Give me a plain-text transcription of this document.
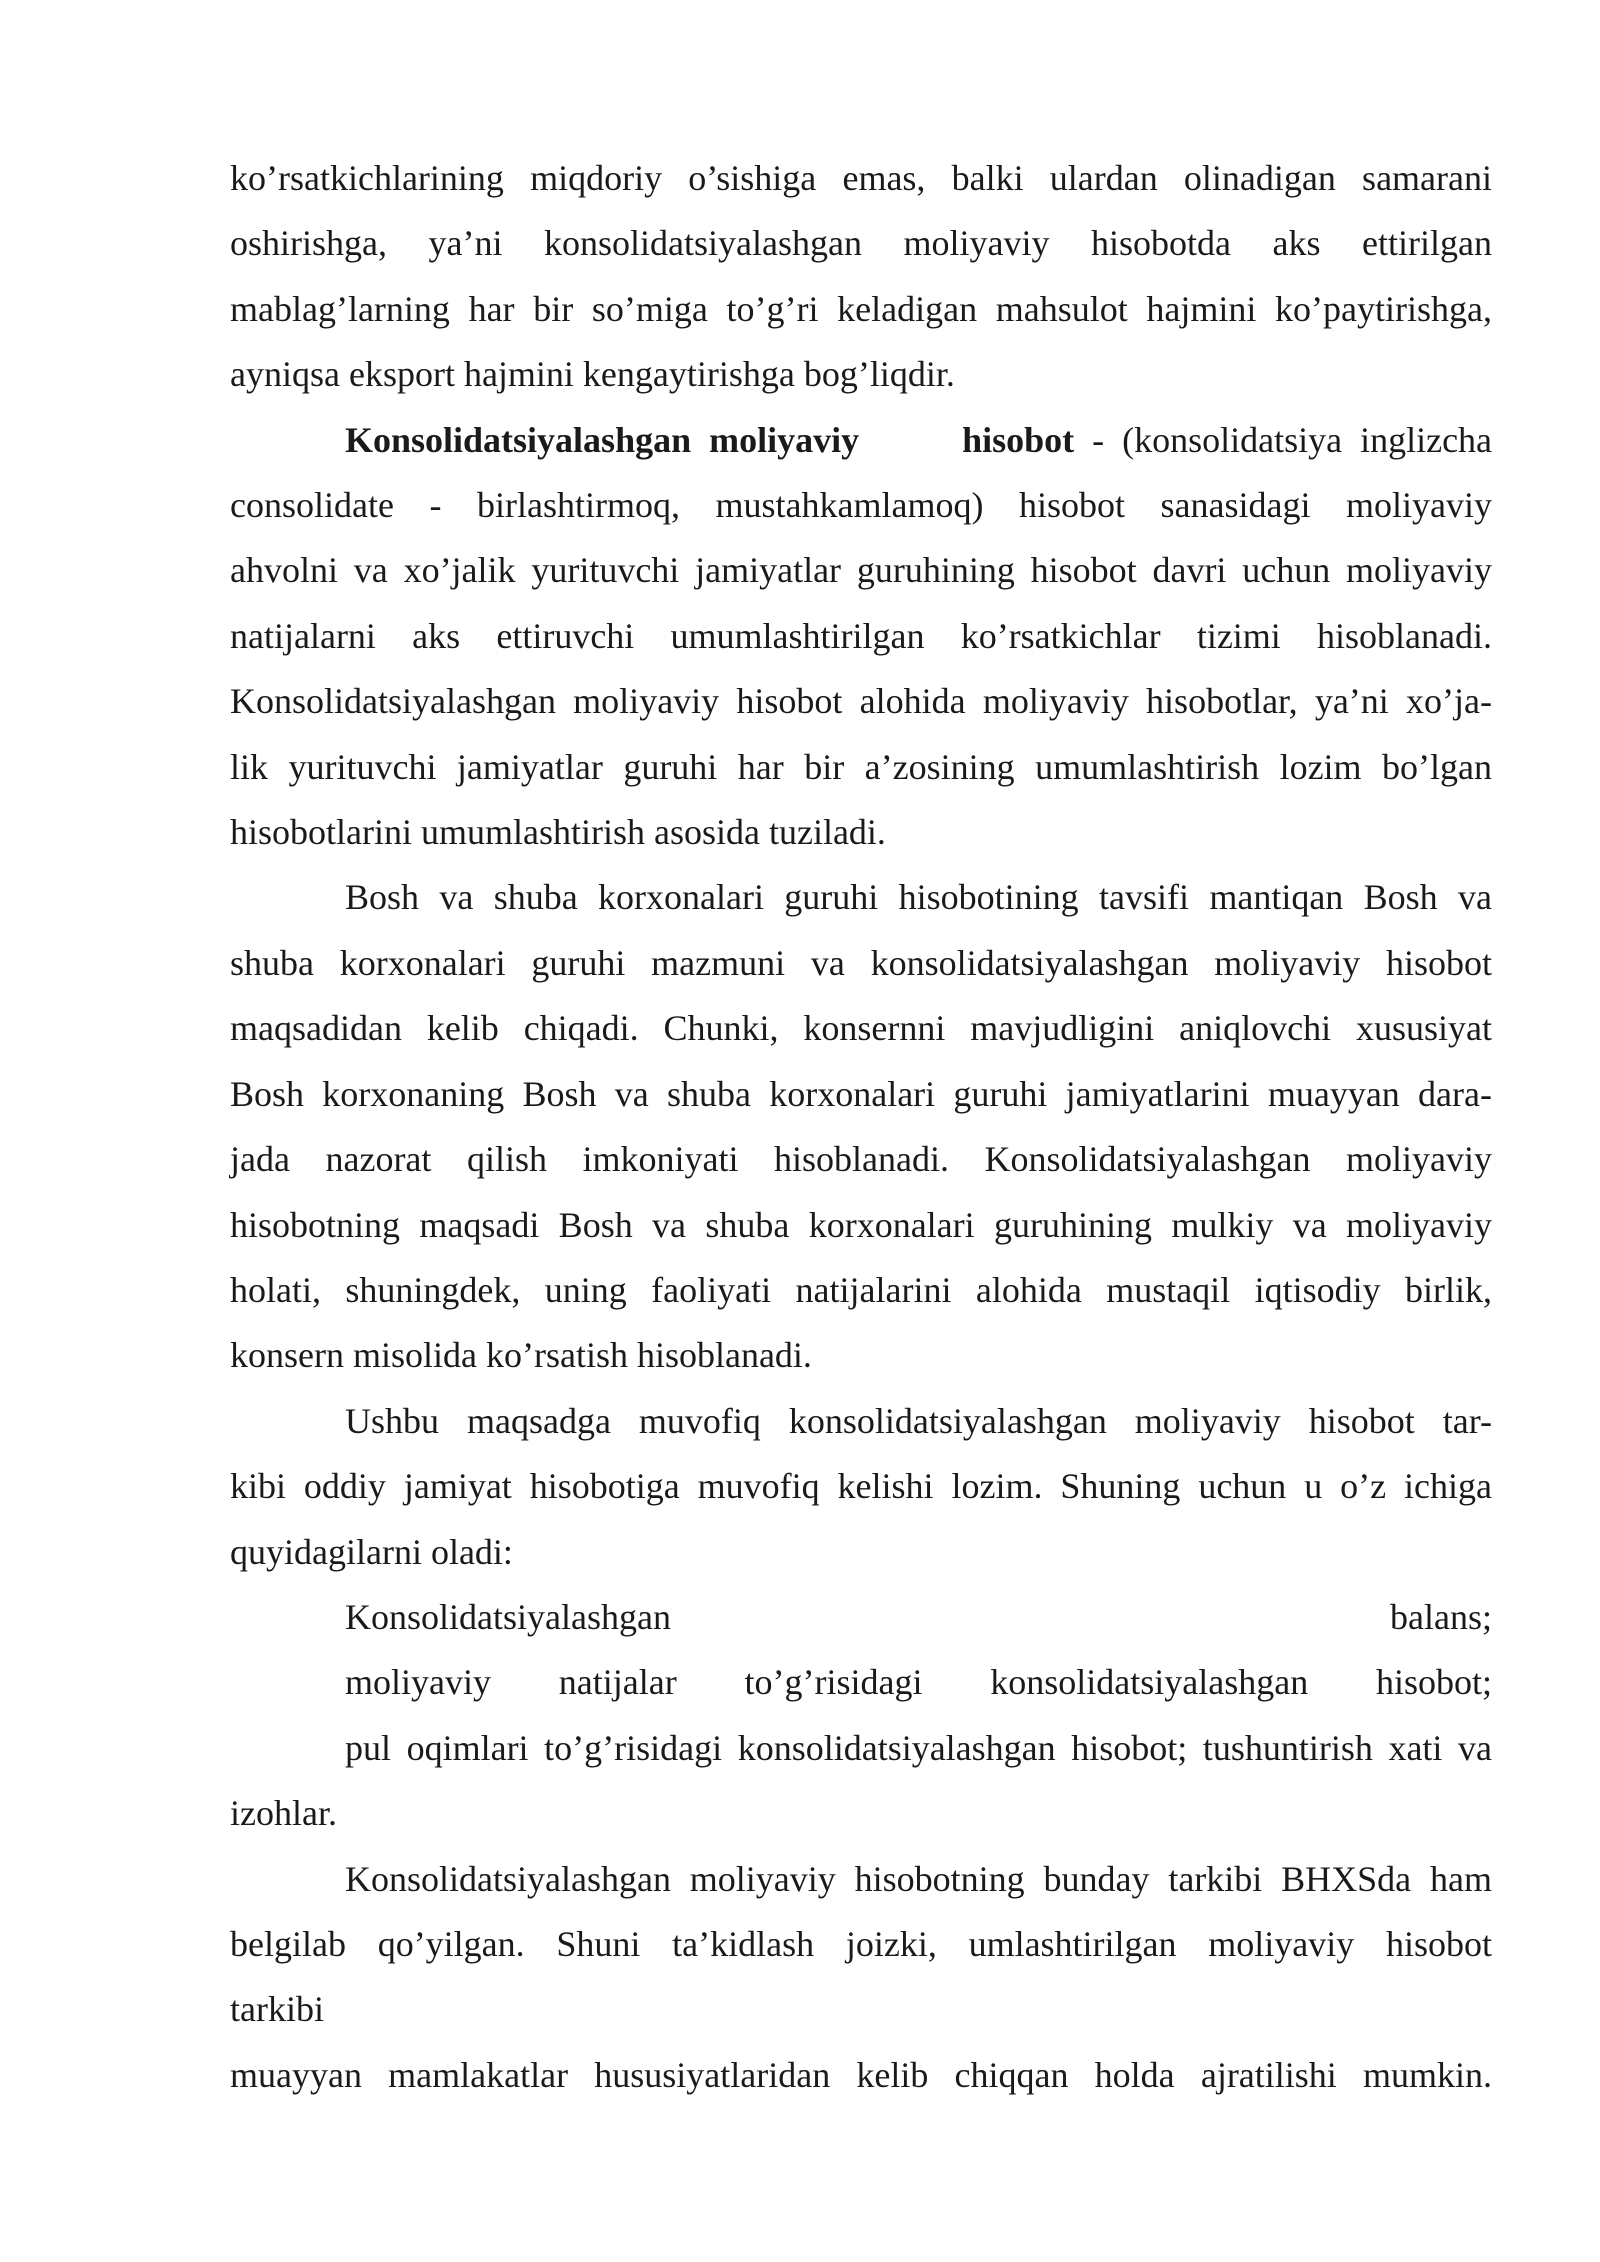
ko’rsatkichlarining miqdoriy o’sishiga emas, balki ulardan olinadigan samarani

oshirishga, ya’ni konsolidatsiyalashgan moliyaviy hisobotda aks ettirilgan

mablag’larning har bir so’miga to’g’ri keladigan mahsulot hajmini ko’paytirishga,

ayniqsa eksport hajmini kengaytirishga bog’liqdir.

Konsolidatsiyalashgan moliyaviy	hisobot - (konsolidatsiya inglizcha

consolidate - birlashtirmoq, mustahkamlamoq) hisobot sanasidagi moliyaviy

ahvolni va xo’jalik yurituvchi jamiyatlar guruhining hisobot davri uchun moliyaviy

natijalarni aks ettiruvchi umumlashtirilgan ko’rsatkichlar tizimi hisoblanadi.

Konsolidatsiyalashgan moliyaviy hisobot alohida moliyaviy hisobotlar, ya’ni xo’ja-

lik yurituvchi jamiyatlar guruhi har bir a’zosining umumlashtirish lozim bo’lgan

hisobotlarini umumlashtirish asosida tuziladi.

Bosh va shuba korxonalari guruhi hisobotining tavsifi mantiqan Bosh va

shuba korxonalari guruhi mazmuni va konsolidatsiyalashgan moliyaviy hisobot

maqsadidan kelib chiqadi. Chunki, konsernni mavjudligini aniqlovchi xususiyat

Bosh korxonaning Bosh va shuba korxonalari guruhi jamiyatlarini muayyan dara-

jada nazorat qilish imkoniyati hisoblanadi. Konsolidatsiyalashgan moliyaviy

hisobotning maqsadi Bosh va shuba korxonalari guruhining mulkiy va moliyaviy

holati, shuningdek, uning faoliyati natijalarini alohida mustaqil iqtisodiy birlik,

konsern misolida ko’rsatish hisoblanadi.

Ushbu maqsadga muvofiq konsolidatsiyalashgan moliyaviy hisobot tar-

kibi oddiy jamiyat hisobotiga muvofiq kelishi lozim. Shuning uchun u o’z ichiga

quyidagilarni oladi:

Konsolidatsiyalashgan balans;

moliyaviy natijalar to’g’risidagi konsolidatsiyalashgan hisobot;

pul oqimlari to’g’risidagi konsolidatsiyalashgan hisobot; tushuntirish xati va

izohlar.

Konsolidatsiyalashgan moliyaviy hisobotning bunday tarkibi BHXSda ham

belgilab qo’yilgan. Shuni ta’kidlash joizki, umlashtirilgan moliyaviy hisobot

tarkibi

muayyan mamlakatlar hususiyatlaridan kelib chiqqan holda ajratilishi mumkin.
